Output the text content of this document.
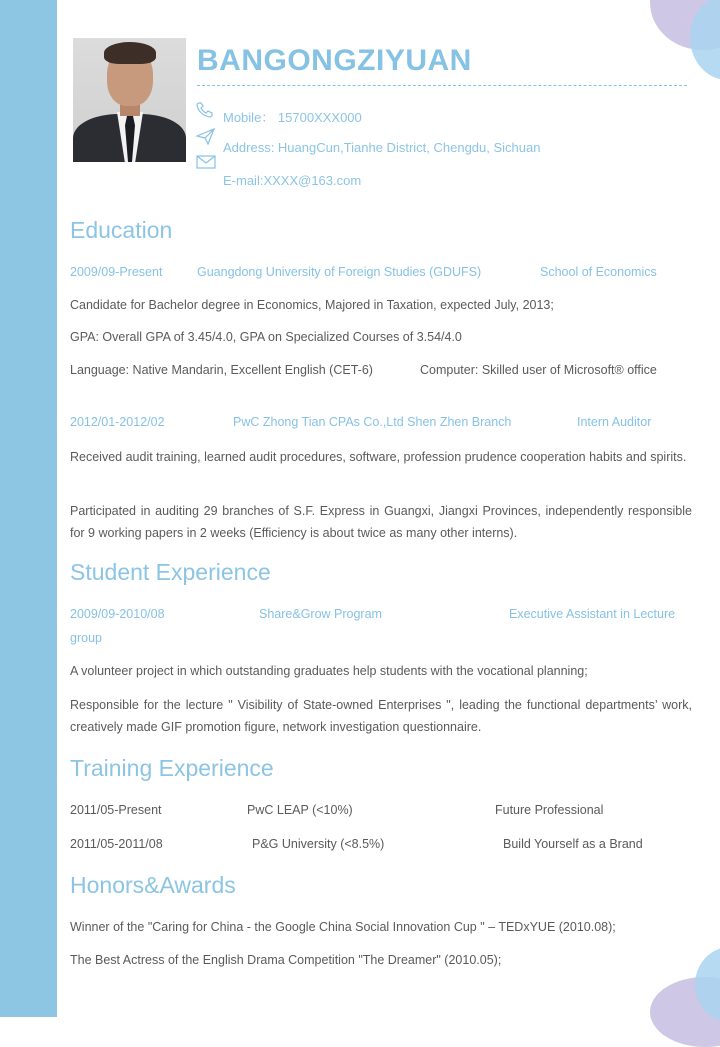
BANGONGZIYUAN
Mobile： 15700XXX000
Address: HuangCun,Tianhe District, Chengdu, Sichuan
E-mail:XXXX@163.com
Education
2009/09-Present	Guangdong University of Foreign Studies (GDUFS)	School of Economics
Candidate for Bachelor degree in Economics, Majored in Taxation, expected July, 2013;
GPA: Overall GPA of 3.45/4.0, GPA on Specialized Courses of 3.54/4.0
Language: Native Mandarin, Excellent English (CET-6)	Computer: Skilled user of Microsoft® office
2012/01-2012/02	PwC Zhong Tian CPAs Co.,Ltd Shen Zhen Branch	Intern Auditor
Received audit training, learned audit procedures, software, profession prudence cooperation habits and spirits.
Participated in auditing 29 branches of S.F. Express in Guangxi, Jiangxi Provinces, independently responsible for 9 working papers in 2 weeks (Efficiency is about twice as many other interns).
Student Experience
2009/09-2010/08	Share&Grow Program	Executive Assistant in Lecture
group
A volunteer project in which outstanding graduates help students with the vocational planning;
Responsible for the lecture " Visibility of State-owned Enterprises ", leading the functional departments’ work, creatively made GIF promotion figure, network investigation questionnaire.
Training Experience
2011/05-Present	PwC LEAP (<10%)	Future Professional
2011/05-2011/08	P&G University (<8.5%)	Build Yourself as a Brand
Honors&Awards
Winner of the "Caring for China - the Google China Social Innovation Cup " – TEDxYUE (2010.08);
The Best Actress of the English Drama Competition "The Dreamer" (2010.05);
